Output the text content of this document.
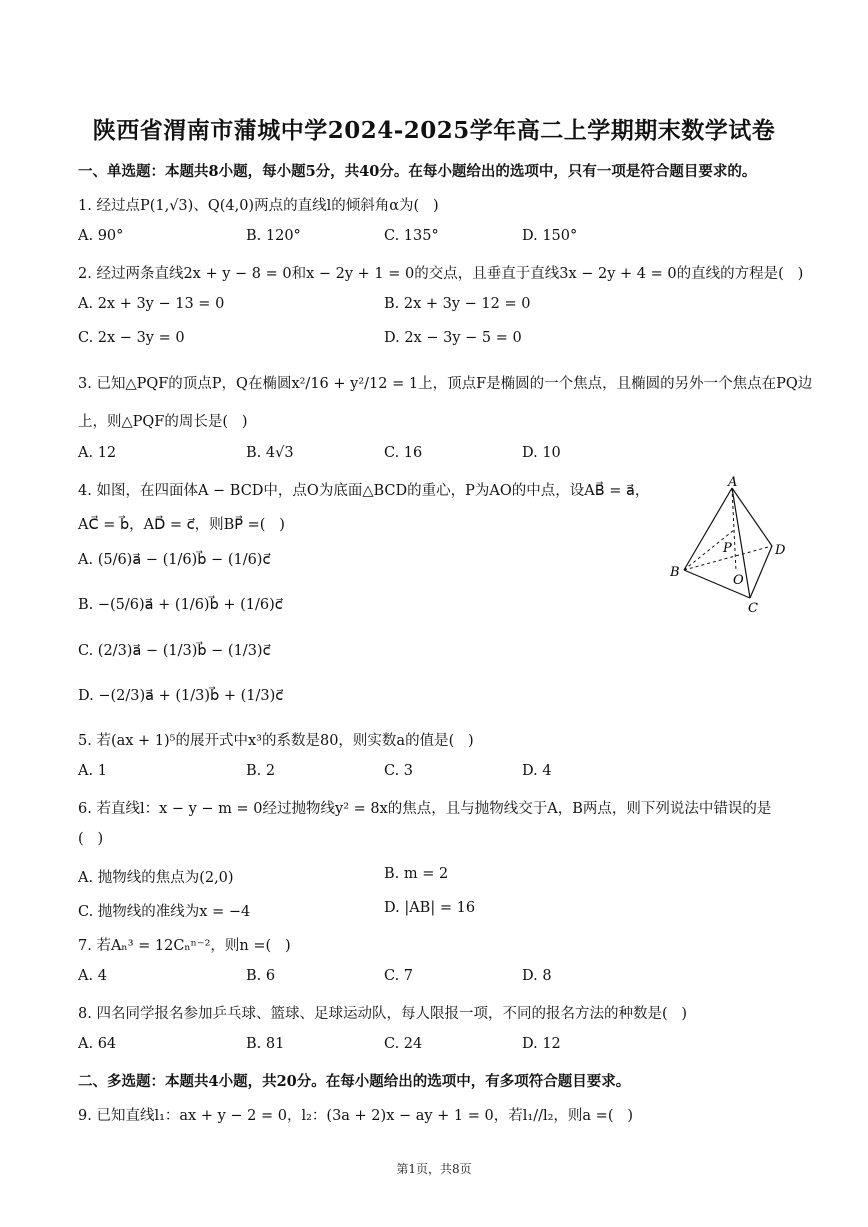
陕西省渭南市蒲城中学2024-2025学年高二上学期期末数学试卷
一、单选题：本题共8小题，每小题5分，共40分。在每小题给出的选项中，只有一项是符合题目要求的。
1. 经过点P(1,√3)、Q(4,0)两点的直线l的倾斜角α为(   )
A. 90°	B. 120°	C. 135°	D. 150°
2. 经过两条直线2x + y − 8 = 0和x − 2y + 1 = 0的交点，且垂直于直线3x − 2y + 4 = 0的直线的方程是(   )
A. 2x + 3y − 13 = 0	B. 2x + 3y − 12 = 0
C. 2x − 3y = 0	D. 2x − 3y − 5 = 0
3. 已知△PQF的顶点P，Q在椭圆x²/16 + y²/12 = 1上，顶点F是椭圆的一个焦点，且椭圆的另外一个焦点在PQ边
上，则△PQF的周长是(   )
A. 12	B. 4√3	C. 16	D. 10
4. 如图，在四面体A − BCD中，点O为底面△BCD的重心，P为AO的中点，设AB⃗ = a⃗，
AC⃗ = b⃗，AD⃗ = c⃗，则BP⃗ =(   )
A. (5/6)a⃗ − (1/6)b⃗ − (1/6)c⃗
B. −(5/6)a⃗ + (1/6)b⃗ + (1/6)c⃗
C. (2/3)a⃗ − (1/3)b⃗ − (1/3)c⃗
D. −(2/3)a⃗ + (1/3)b⃗ + (1/3)c⃗
A
B
C
D
O
P
5. 若(ax + 1)⁵的展开式中x³的系数是80，则实数a的值是(   )
A. 1	B. 2	C. 3	D. 4
6. 若直线l：x − y − m = 0经过抛物线y² = 8x的焦点，且与抛物线交于A，B两点，则下列说法中错误的是
(   )
A. 抛物线的焦点为(2,0)	B. m = 2
C. 抛物线的准线为x = −4	D. |AB| = 16
7. 若Aₙ³ = 12Cₙⁿ⁻²，则n =(   )
A. 4	B. 6	C. 7	D. 8
8. 四名同学报名参加乒乓球、篮球、足球运动队，每人限报一项，不同的报名方法的种数是(   )
A. 64	B. 81	C. 24	D. 12
二、多选题：本题共4小题，共20分。在每小题给出的选项中，有多项符合题目要求。
9. 已知直线l₁：ax + y − 2 = 0，l₂：(3a + 2)x − ay + 1 = 0，若l₁//l₂，则a =(   )
第1页，共8页
